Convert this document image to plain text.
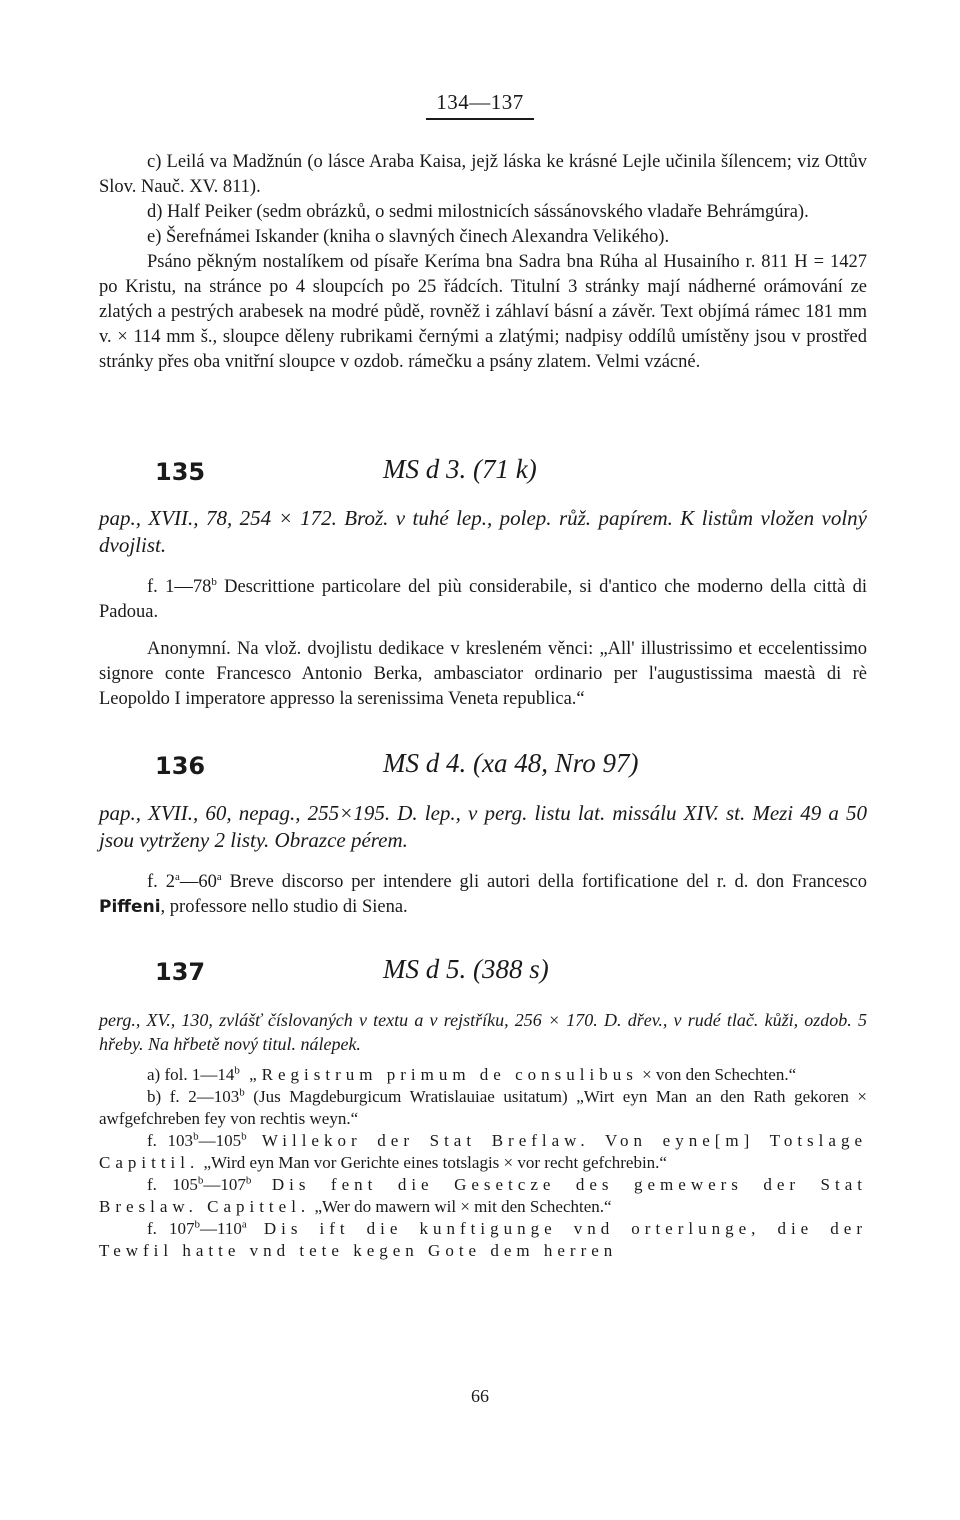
134—137

c) Leilá va Madžnún (o lásce Araba Kaisa, jejž láska ke krásné Lejle učinila šílencem; viz Ottův Slov. Nauč. XV. 811).

d) Half Peiker (sedm obrázků, o sedmi milostnicích sássánovského vladaře Behrámgúra).

e) Šerefnámei Iskander (kniha o slavných činech Alexandra Velikého).

Psáno pěkným nostalíkem od písaře Keríma bna Sadra bna Rúha al Husainího r. 811 H = 1427 po Kristu, na stránce po 4 sloupcích po 25 řádcích. Titulní 3 stránky mají nádherné orámování ze zlatých a pestrých arabesek na modré půdě, rovněž i záhlaví básní a závěr. Text objímá rámec 181 mm v. × 114 mm š., sloupce děleny rubrikami černými a zlatými; nadpisy oddílů umístěny jsou v prostřed stránky přes oba vnitřní sloupce v ozdob. rámečku a psány zlatem. Velmi vzácné.

135	MS d 3. (71 k)

pap., XVII., 78, 254 × 172. Brož. v tuhé lep., polep. růž. papírem. K listům vložen volný dvojlist.

f. 1—78$^b$ Descrittione particolare del più considerabile, si d'antico che moderno della città di Padoua.

Anonymní. Na vlož. dvojlistu dedikace v kresleném věnci: „All' illustrissimo et eccelentissimo signore conte Francesco Antonio Berka, ambasciator ordinario per l'augustissima maestà di rè Leopoldo I imperatore appresso la serenissima Veneta republica.“

136	MS d 4. (xa 48, Nro 97)

pap., XVII., 60, nepag., 255×195. D. lep., v perg. listu lat. missálu XIV. st. Mezi 49 a 50 jsou vytrženy 2 listy. Obrazce pérem.

f. 2$^a$—60$^a$ Breve discorso per intendere gli autori della fortificatione del r. d. don Francesco Piffeni, professore nello studio di Siena.

137	MS d 5. (388 s)

perg., XV., 130, zvlášť číslovaných v textu a v rejstříku, 256 × 170. D. dřev., v rudé tlač. kůži, ozdob. 5 hřeby. Na hřbetě nový titul. nálepek.

a) fol. 1—14$^b$ „Registrum primum de consulibus × von den Schechten.“

b) f. 2—103$^b$ (Jus Magdeburgicum Wratislauiae usitatum) „Wirt eyn Man an den Rath gekoren × awfgefchreben fey von rechtis weyn.“

f. 103$^b$—105$^b$ Willekor der Stat Breflaw. Von eyne[m] Totslage Capittil. „Wird eyn Man vor Gerichte eines totslagis × vor recht gefchrebin.“

f. 105$^b$—107$^b$ Dis fent die Gesetcze des gemewers der Stat Breslaw. Capittel. „Wer do mawern wil × mit den Schechten.“

f. 107$^b$—110$^a$ Dis ift die kunftigunge vnd orterlunge, die der Tewfil hatte vnd tete kegen Gote dem herren

66
